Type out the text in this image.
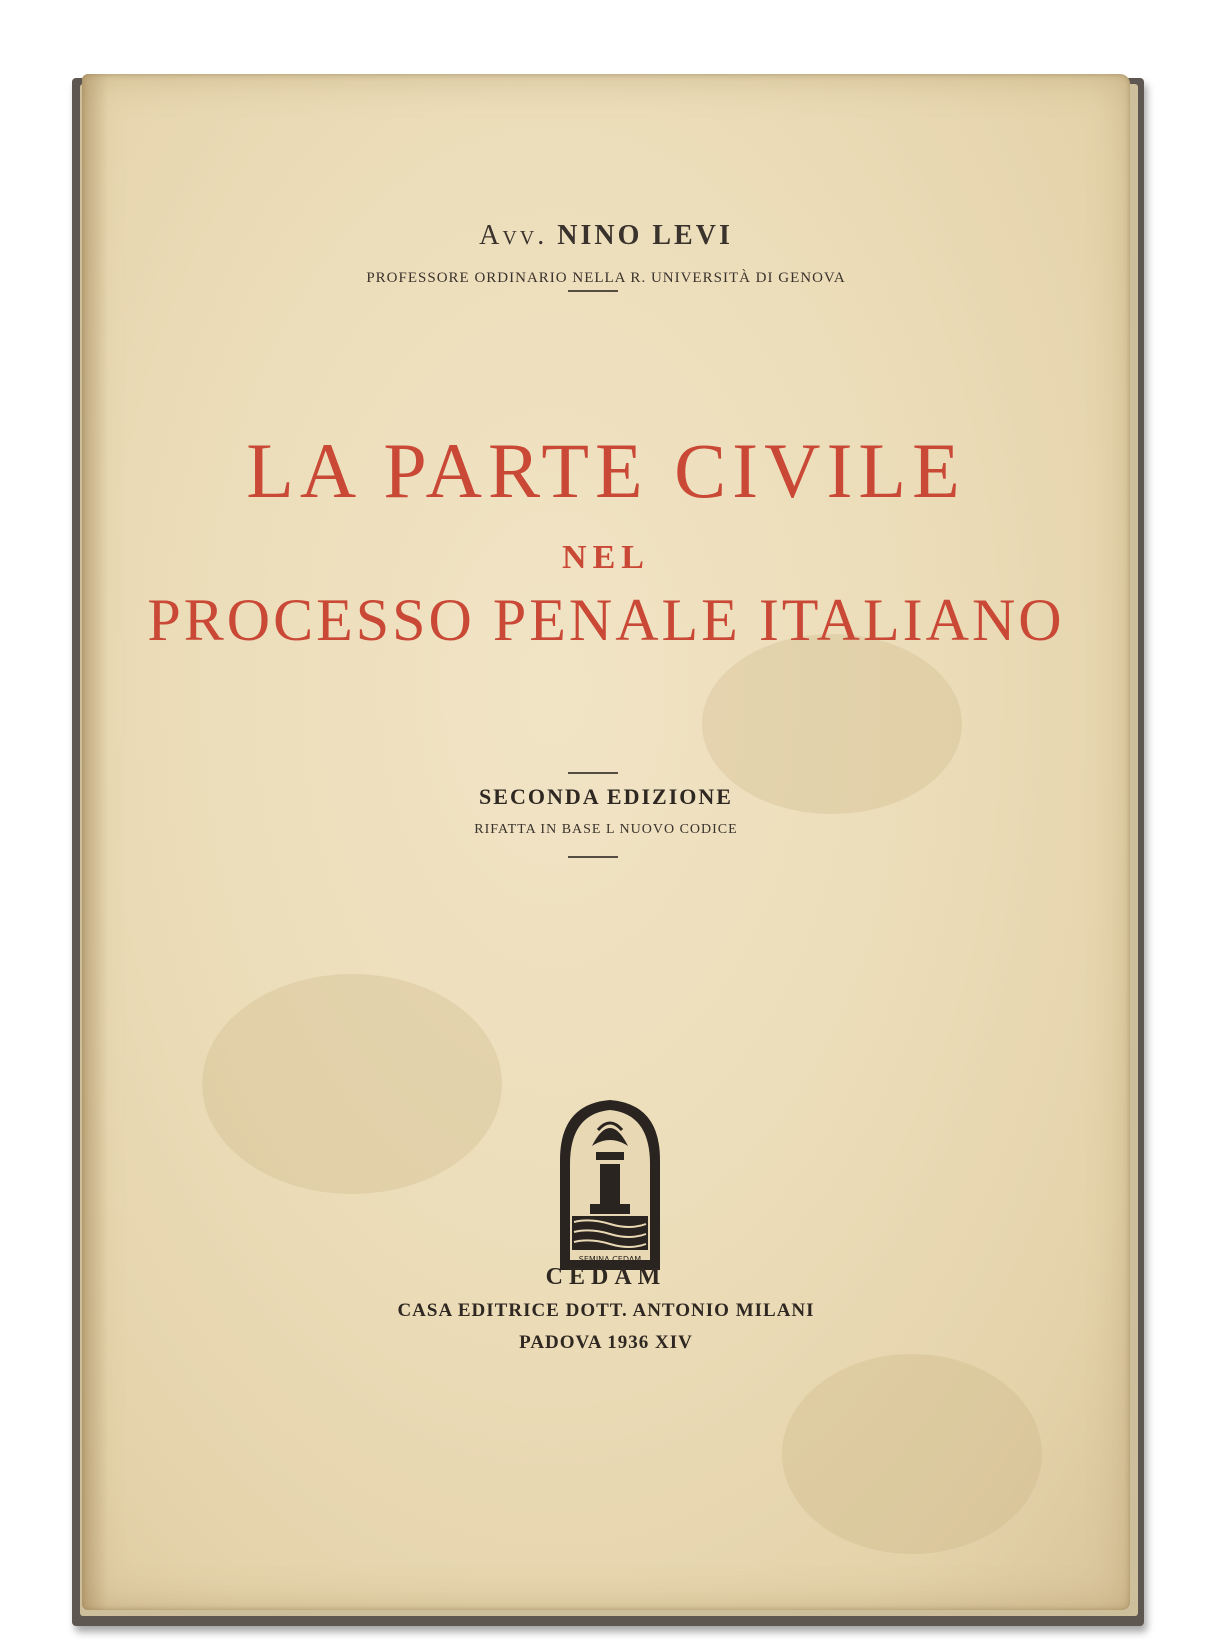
Avv. NINO LEVI

PROFESSORE ORDINARIO NELLA R. UNIVERSITÀ DI GENOVA

LA PARTE CIVILE

NEL

PROCESSO PENALE ITALIANO

SECONDA EDIZIONE

RIFATTA IN BASE L NUOVO CODICE

SEMINA CEDAM

CEDAM

CASA EDITRICE DOTT. ANTONIO MILANI

PADOVA 1936 XIV
